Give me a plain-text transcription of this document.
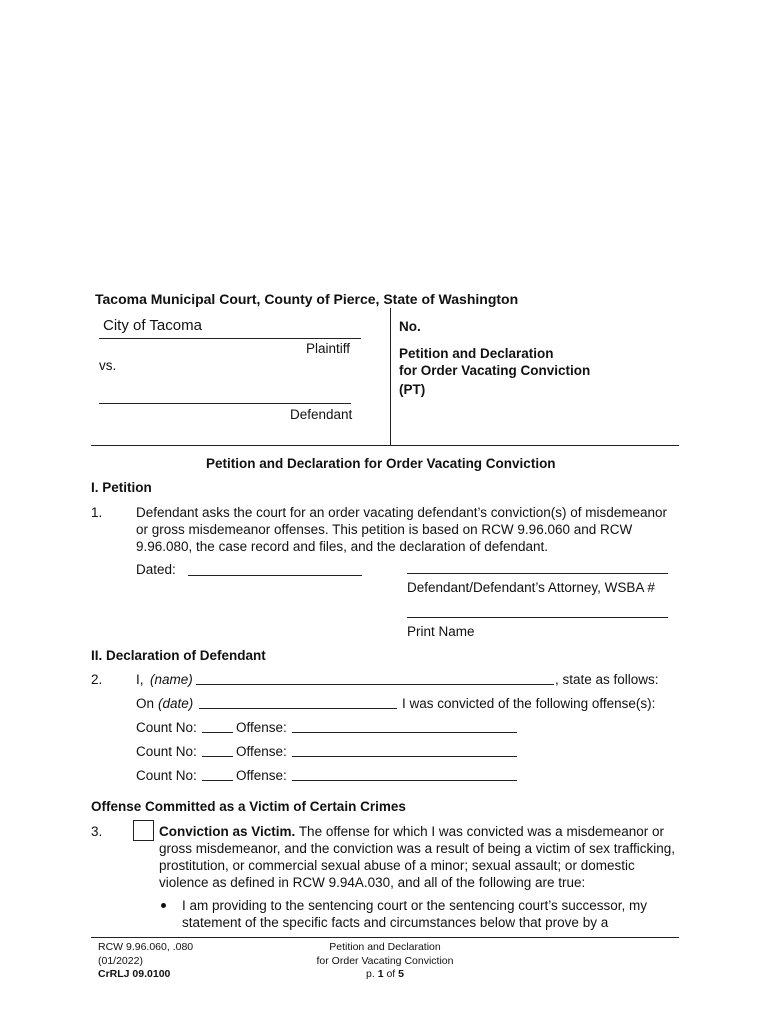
Tacoma Municipal Court, County of Pierce, State of Washington
City of Tacoma
Plaintiff
vs.
Defendant
No.
Petition and Declaration
for Order Vacating Conviction
(PT)
Petition and Declaration for Order Vacating Conviction
I. Petition
1. Defendant asks the court for an order vacating defendant’s conviction(s) of misdemeanor or gross misdemeanor offenses. This petition is based on RCW 9.96.060 and RCW 9.96.080, the case record and files, and the declaration of defendant.
Dated:
Defendant/Defendant’s Attorney, WSBA #
Print Name
II. Declaration of Defendant
2. I, (name)	, state as follows:
On (date)	I was convicted of the following offense(s):
Count No:	Offense:
Count No:	Offense:
Count No:	Offense:
Offense Committed as a Victim of Certain Crimes
3.	Conviction as Victim. The offense for which I was convicted was a misdemeanor or gross misdemeanor, and the conviction was a result of being a victim of sex trafficking, prostitution, or commercial sexual abuse of a minor; sexual assault; or domestic violence as defined in RCW 9.94A.030, and all of the following are true:
I am providing to the sentencing court or the sentencing court’s successor, my statement of the specific facts and circumstances below that prove by a
RCW 9.96.060, .080
(01/2022)
CrRLJ 09.0100
Petition and Declaration
for Order Vacating Conviction
p. 1 of 5
